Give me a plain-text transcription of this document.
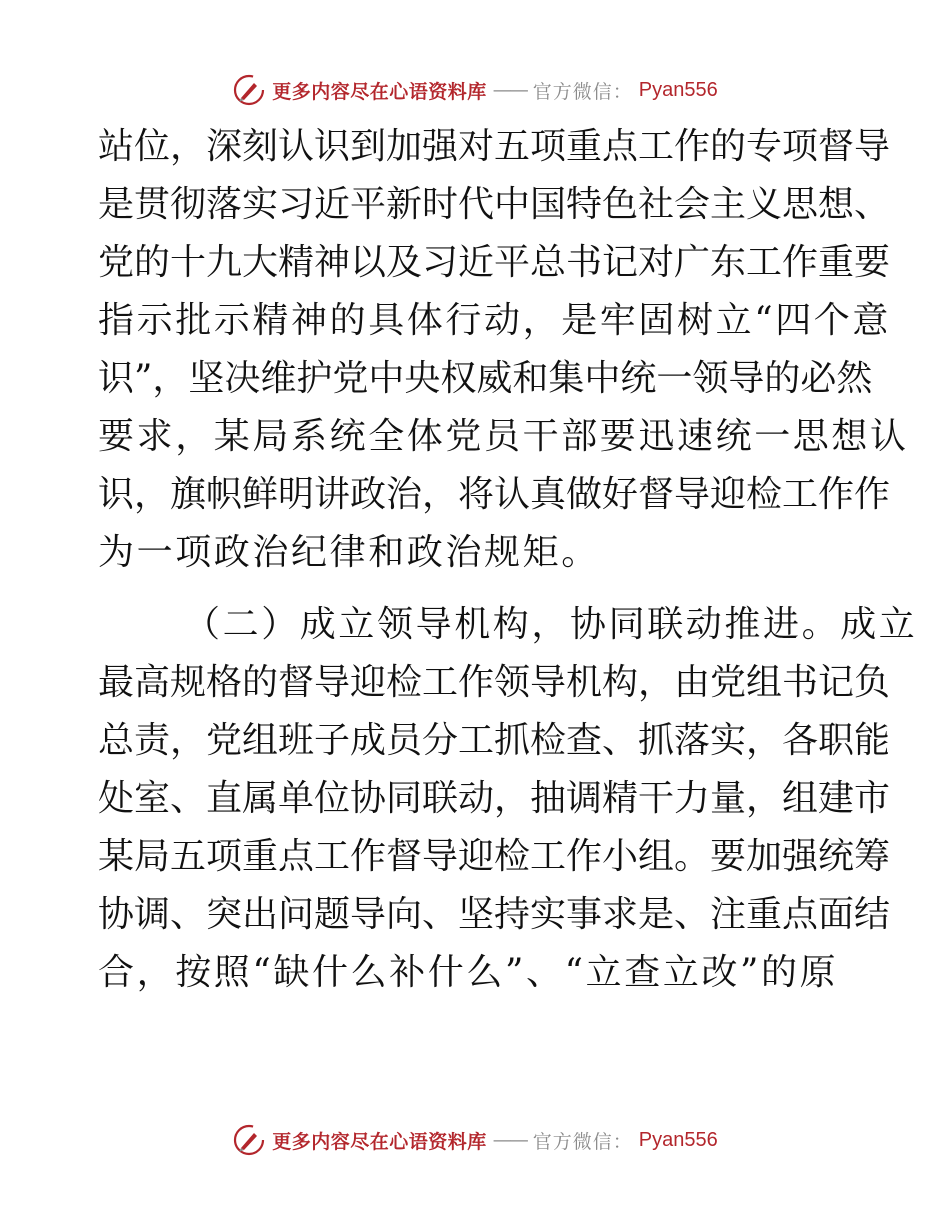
更多内容尽在心语资料库 —— 官方微信： Pyan556
站位，深刻认识到加强对五项重点工作的专项督导
是贯彻落实习近平新时代中国特色社会主义思想、
党的十九大精神以及习近平总书记对广东工作重要
指示批示精神的具体行动，是牢固树立“四个意
识”，坚决维护党中央权威和集中统一领导的必然
要求，某局系统全体党员干部要迅速统一思想认
识，旗帜鲜明讲政治，将认真做好督导迎检工作作
为一项政治纪律和政治规矩。
（二）成立领导机构，协同联动推进。成立
最高规格的督导迎检工作领导机构，由党组书记负
总责，党组班子成员分工抓检查、抓落实，各职能
处室、直属单位协同联动，抽调精干力量，组建市
某局五项重点工作督导迎检工作小组。要加强统筹
协调、突出问题导向、坚持实事求是、注重点面结
合，按照“缺什么补什么”、“立查立改”的原
更多内容尽在心语资料库 —— 官方微信： Pyan556
